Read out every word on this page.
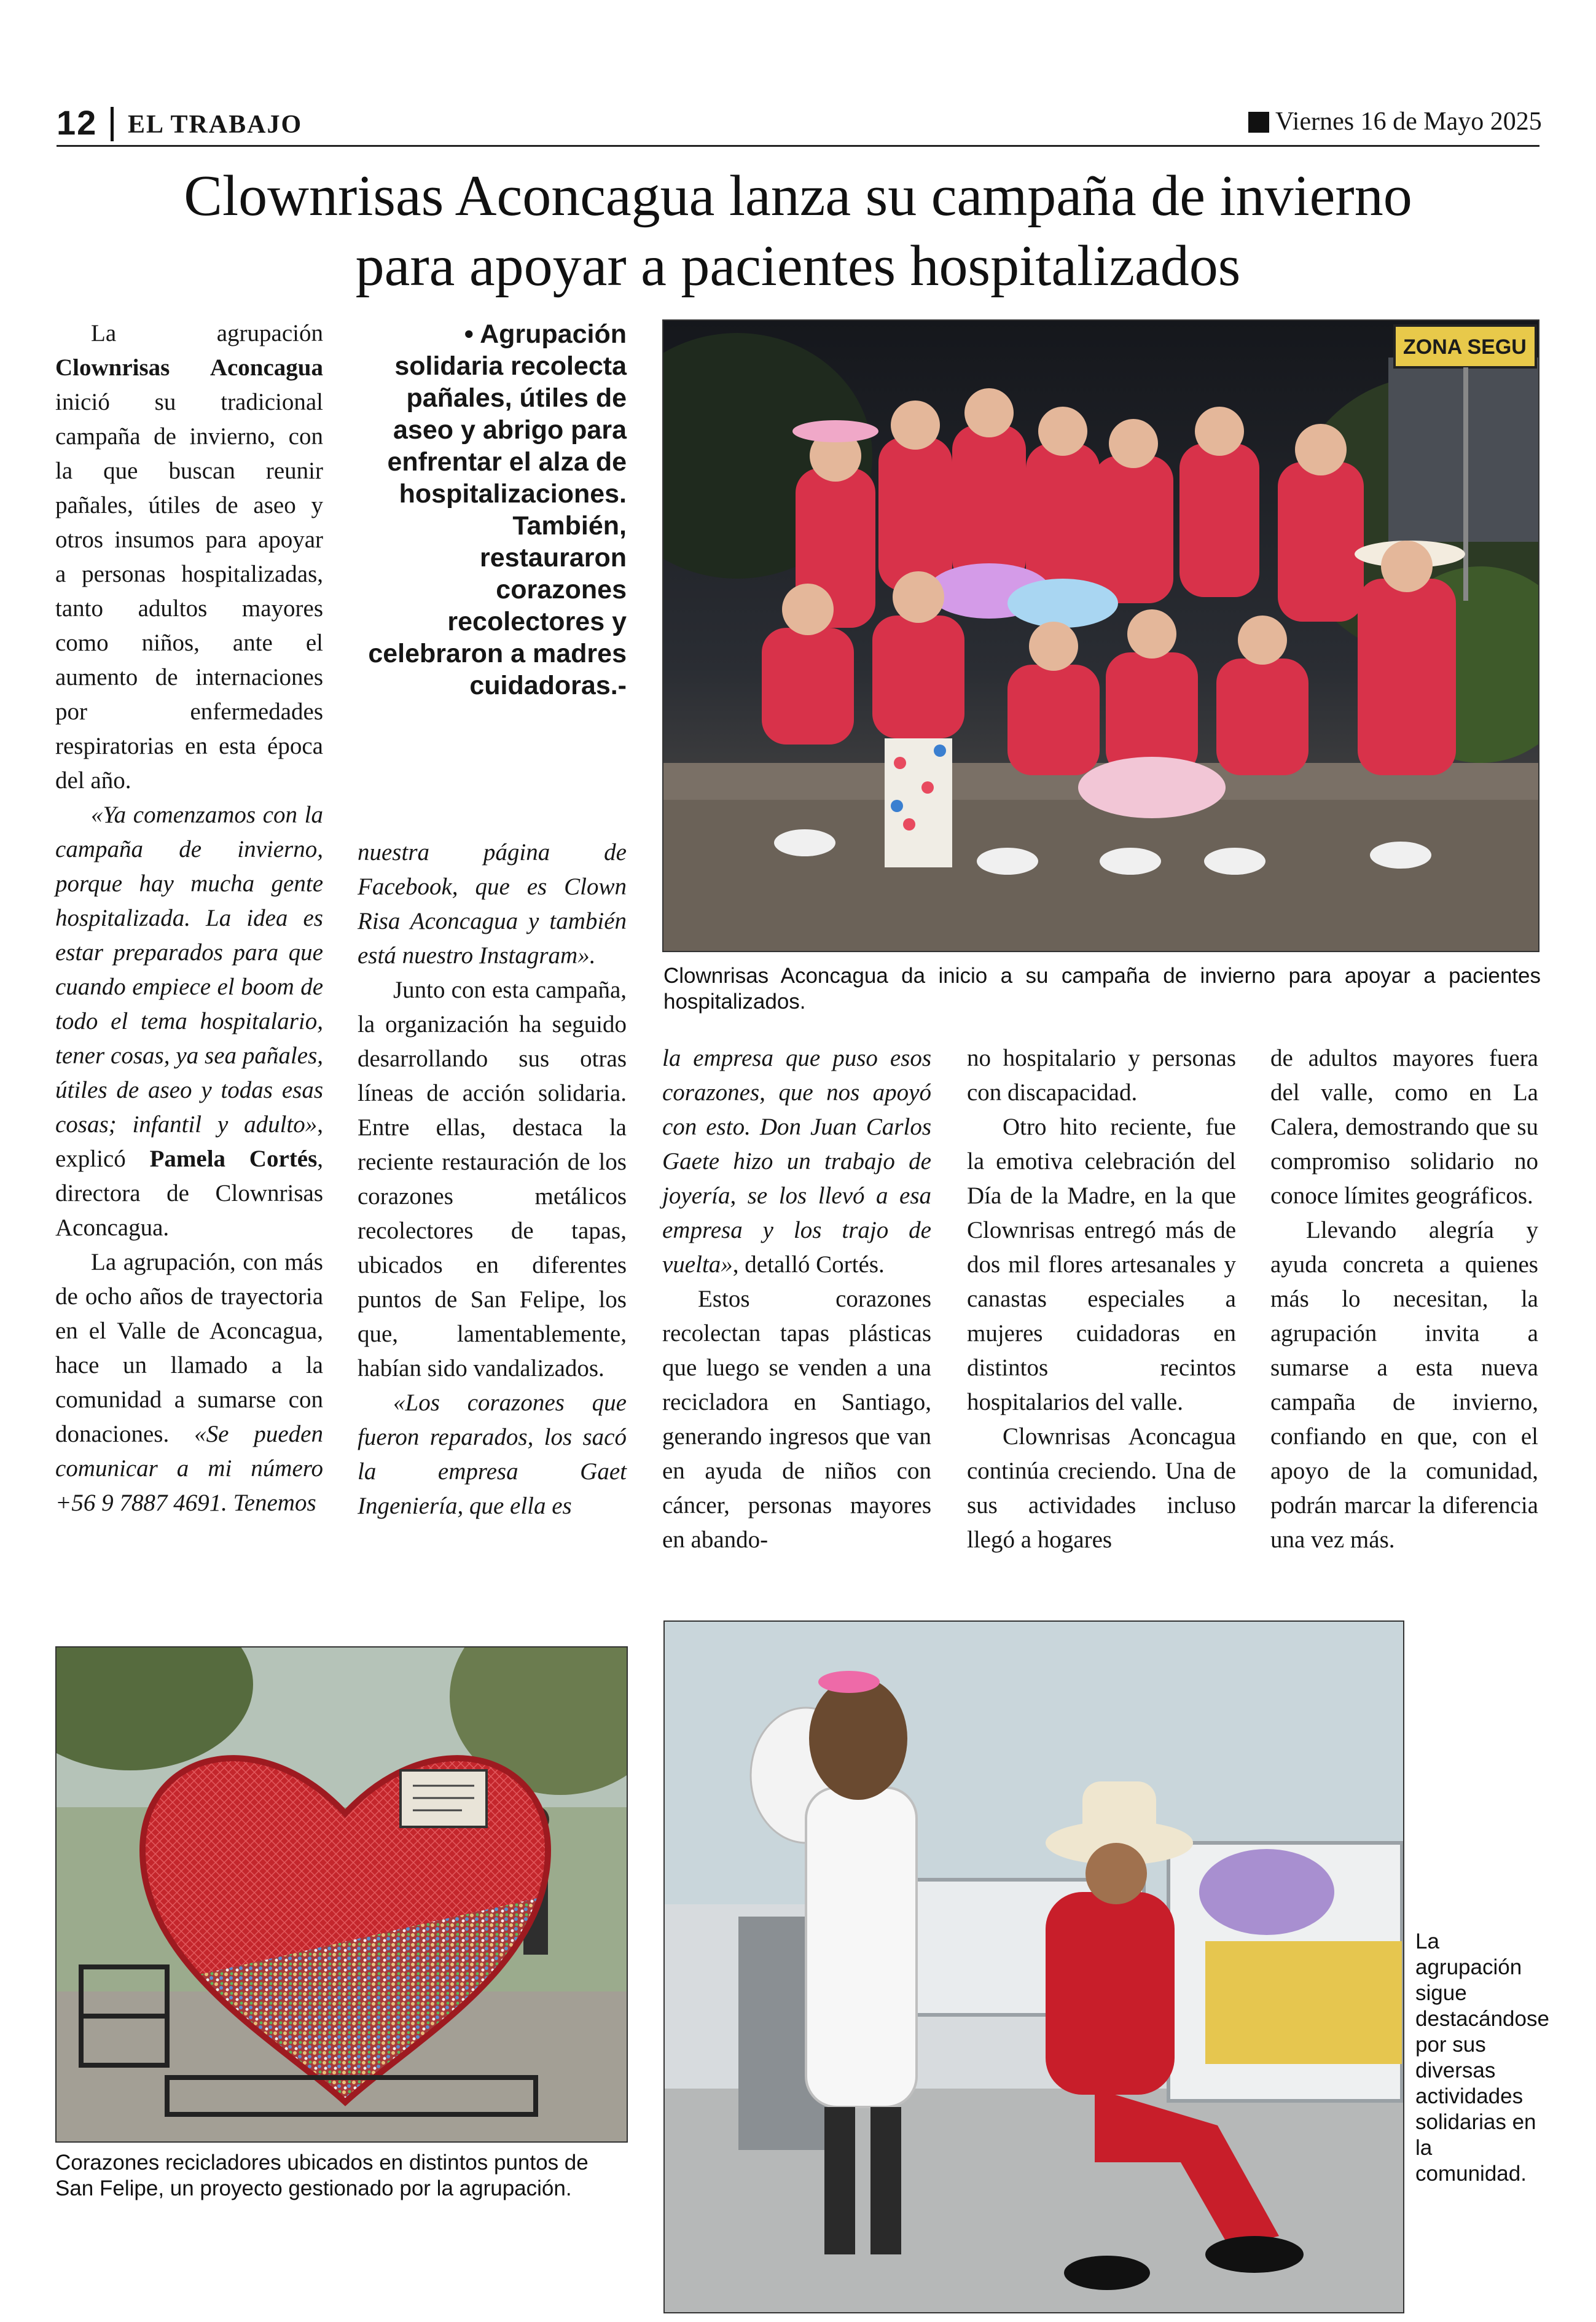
12 EL TRABAJO	Viernes 16 de Mayo 2025
Clownrisas Aconcagua lanza su campaña de invierno
para apoyar a pacientes hospitalizados

La agrupación Clownrisas Aconcagua inició su tradicional campaña de invierno, con la que buscan reunir pañales, útiles de aseo y otros insumos para apoyar a personas hospitalizadas, tanto adultos mayores como niños, ante el aumento de internaciones por enfermedades respiratorias en esta época del año.

«Ya comenzamos con la campaña de invierno, porque hay mucha gente hospitalizada. La idea es estar preparados para que cuando empiece el boom de todo el tema hospitalario, tener cosas, ya sea pañales, útiles de aseo y todas esas cosas; infantil y adulto», explicó Pamela Cortés, directora de Clownrisas Aconcagua.

La agrupación, con más de ocho años de trayectoria en el Valle de Aconcagua, hace un llamado a la comunidad a sumarse con donaciones. «Se pueden comunicar a mi número +56 9 7887 4691. Tenemos

• Agrupación solidaria recolecta pañales, útiles de aseo y abrigo para enfrentar el alza de hospitalizaciones. También, restauraron corazones recolectores y celebraron a madres cuidadoras.-

nuestra página de Facebook, que es Clown Risa Aconcagua y también está nuestro Instagram».

Junto con esta campaña, la organización ha seguido desarrollando sus otras líneas de acción solidaria. Entre ellas, destaca la reciente restauración de los corazones metálicos recolectores de tapas, ubicados en diferentes puntos de San Felipe, los que, lamentablemente, habían sido vandalizados.

«Los corazones que fueron reparados, los sacó la empresa Gaet Ingeniería, que ella es

la empresa que puso esos corazones, que nos apoyó con esto. Don Juan Carlos Gaete hizo un trabajo de joyería, se los llevó a esa empresa y los trajo de vuelta», detalló Cortés.

Estos corazones recolectan tapas plásticas que luego se venden a una recicladora en Santiago, generando ingresos que van en ayuda de niños con cáncer, personas mayores en abando-

no hospitalario y personas con discapacidad.

Otro hito reciente, fue la emotiva celebración del Día de la Madre, en la que Clownrisas entregó más de dos mil flores artesanales y canastas especiales a mujeres cuidadoras en distintos recintos hospitalarios del valle.

Clownrisas Aconcagua continúa creciendo. Una de sus actividades incluso llegó a hogares

de adultos mayores fuera del valle, como en La Calera, demostrando que su compromiso solidario no conoce límites geográficos.

Llevando alegría y ayuda concreta a quienes más lo necesitan, la agrupación invita a sumarse a esta nueva campaña de invierno, confiando en que, con el apoyo de la comunidad, podrán marcar la diferencia una vez más.

ZONA SEGU
Clownrisas Aconcagua da inicio a su campaña de invierno para apoyar a pacientes hospitalizados.
Corazones recicladores ubicados en distintos puntos de San Felipe, un proyecto gestionado por la agrupación.
La agrupación sigue destacándose por sus diversas actividades solidarias en la comunidad.
